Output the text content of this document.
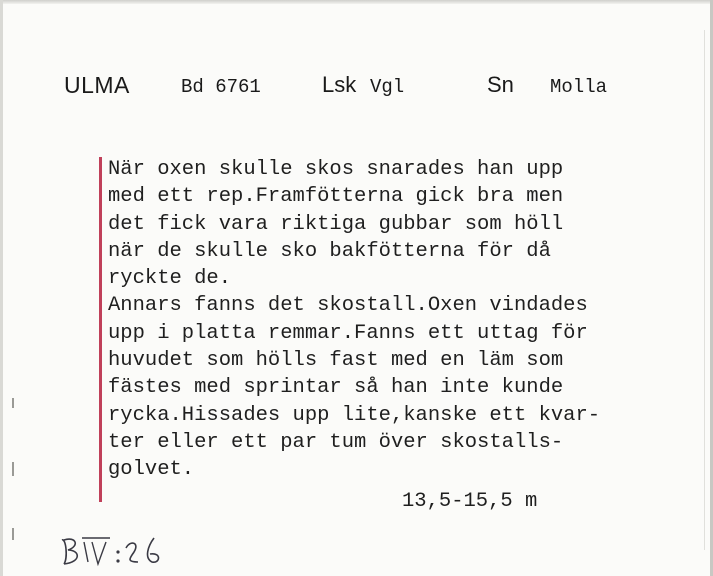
ULMA	Bd 6761	Lsk Vgl	Sn Molla
När oxen skulle skos snarades han upp
med ett rep.Framfötterna gick bra men
det fick vara riktiga gubbar som höll
när de skulle sko bakfötterna för då
ryckte de.
Annars fanns det skostall.Oxen vindades
upp i platta remmar.Fanns ett uttag för
huvudet som hölls fast med en läm som
fästes med sprintar så han inte kunde
rycka.Hissades upp lite,kanske ett kvar-
ter eller ett par tum över skostalls-
golvet.
13,5-15,5 m
